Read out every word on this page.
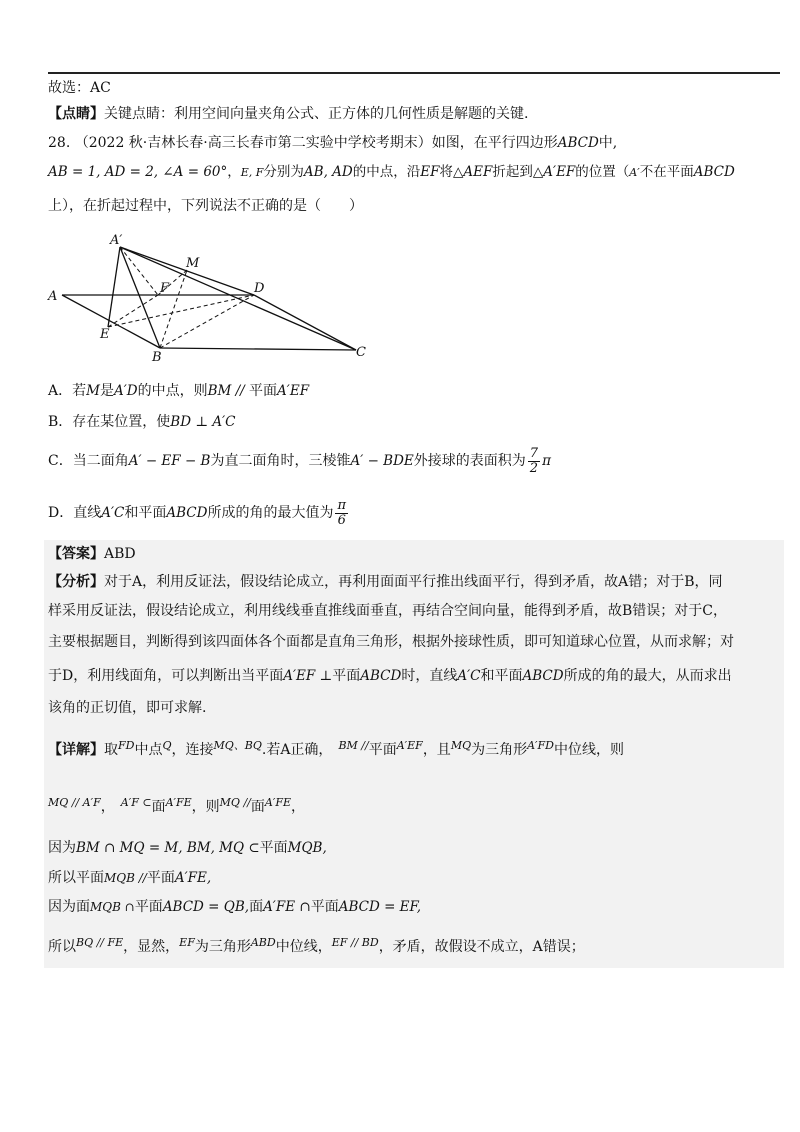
故选：AC
【点睛】关键点睛：利用空间向量夹角公式、正方体的几何性质是解题的关键.
28. （2022 秋·吉林长春·高三长春市第二实验中学校考期末）如图，在平行四边形ABCD中,
AB = 1, AD = 2, ∠A = 60°，E, F分别为AB, AD的中点，沿EF将△AEF折起到△A′EF的位置（A′不在平面ABCD
上），在折起过程中，下列说法不正确的是（　　）
A′
M
F	D
A
E
B	C
A．若M是A′D的中点，则BM // 平面A′EF
B．存在某位置，使BD ⊥ A′C
C．当二面角A′ − EF − B为直二面角时，三棱锥A′ − BDE外接球的表面积为 $\frac{7}{2}$ π
D．直线A′C和平面ABCD所成的角的最大值为 $\frac{\pi}{6}$
【答案】ABD
【分析】对于A，利用反证法，假设结论成立，再利用面面平行推出线面平行，得到矛盾，故A错；对于B，同
样采用反证法，假设结论成立，利用线线垂直推线面垂直，再结合空间向量，能得到矛盾，故B错误；对于C，
主要根据题目，判断得到该四面体各个面都是直角三角形，根据外接球性质，即可知道球心位置，从而求解；对
于D，利用线面角，可以判断出当平面A′EF ⊥平面ABCD时，直线A′C和平面ABCD所成的角的最大，从而求出
该角的正切值，即可求解.
【详解】取$^{FD}$中点$^Q$，连接$^{MQ、BQ}$.若A正确， $^{BM //}$平面$^{A'EF}$，且$^{MQ}$为三角形$^{A'FD}$中位线，则
$^{MQ // A'F}$， $^{A'F \subset}$面$^{A'FE}$，则$^{MQ //}$面$^{A'FE}$，
因为BM ∩ MQ = M, BM, MQ ⊂平面MQB,
所以平面MQB //平面A′FE,
因为面MQB ∩平面ABCD = QB,面A′FE ∩平面ABCD = EF,
所以$^{BQ // FE}$，显然，$^{EF}$为三角形$^{ABD}$中位线，$^{EF // BD}$，矛盾，故假设不成立，A错误；
